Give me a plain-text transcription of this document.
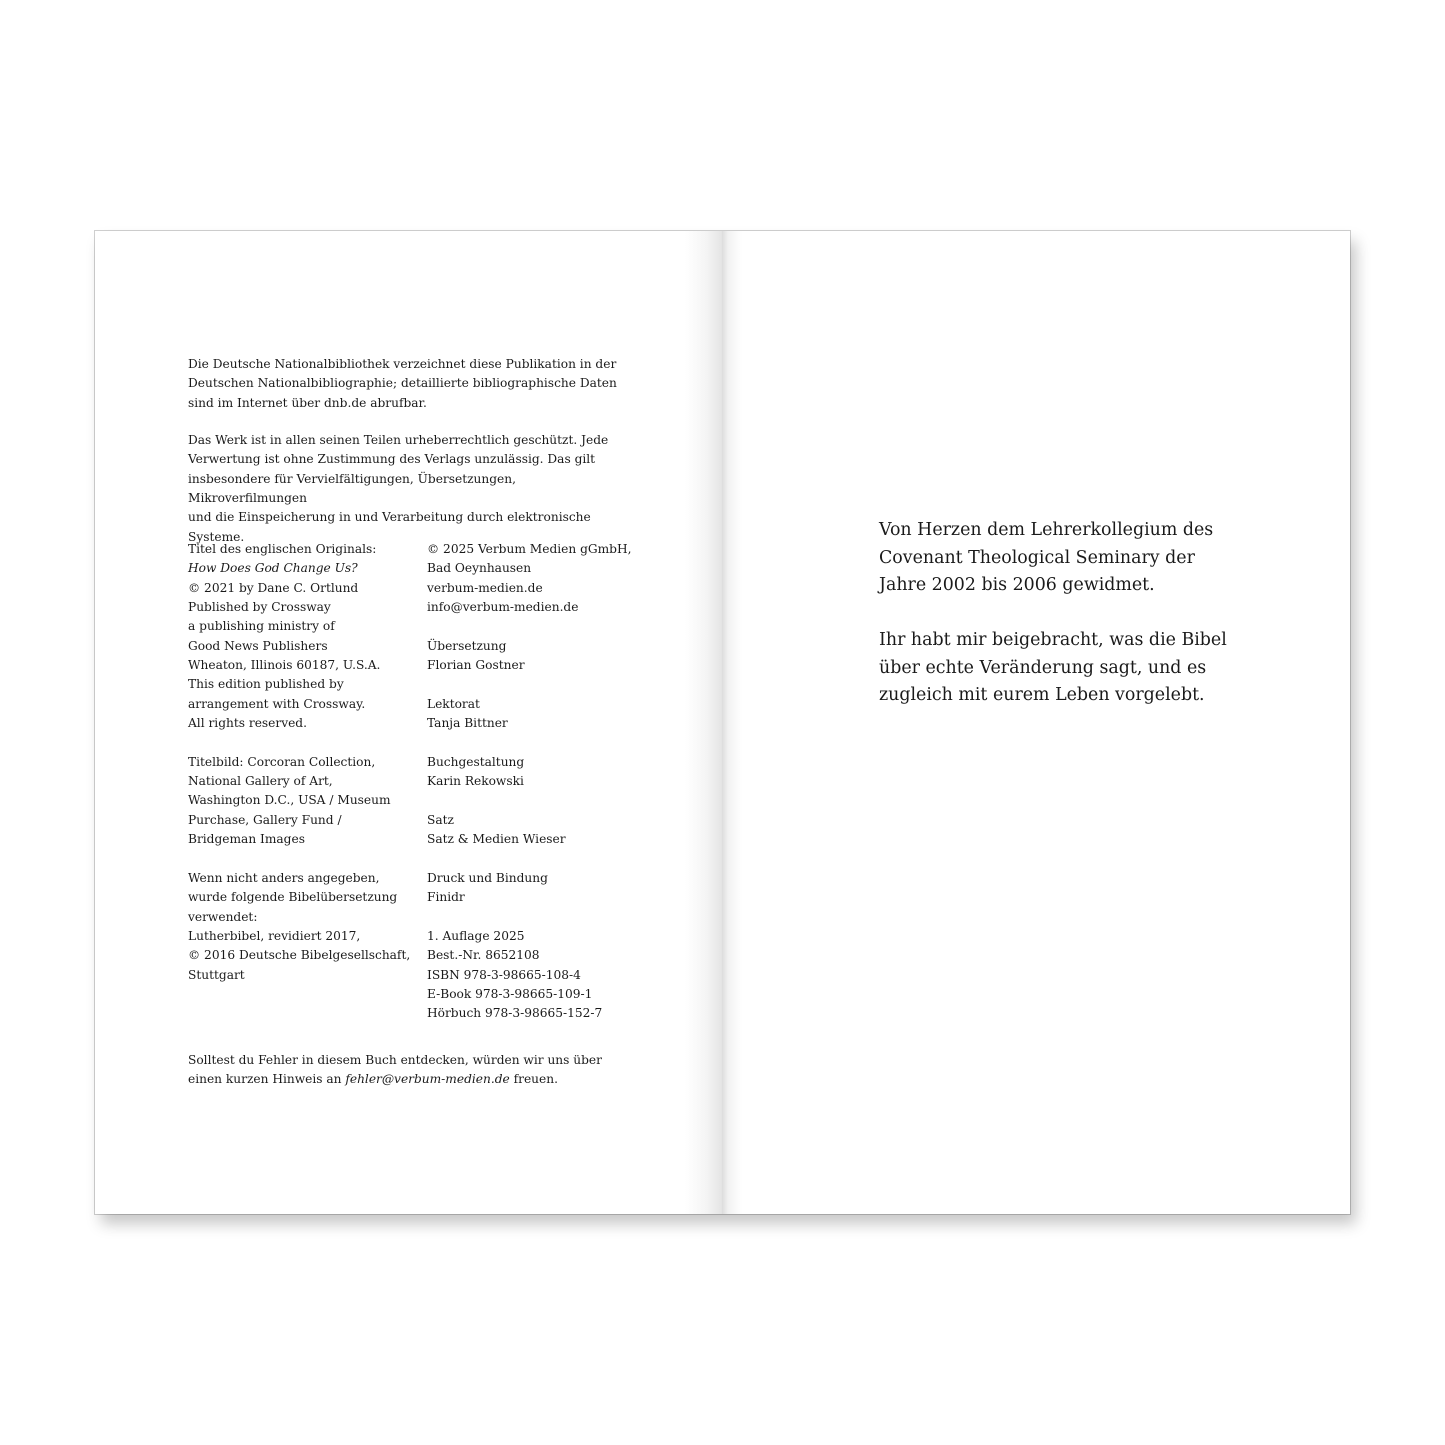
Die Deutsche Nationalbibliothek verzeichnet diese Publikation in der

Deutschen Nationalbibliographie; detaillierte bibliographische Daten

sind im Internet über dnb.de abrufbar.

Das Werk ist in allen seinen Teilen urheberrechtlich geschützt. Jede

Verwertung ist ohne Zustimmung des Verlags unzulässig. Das gilt

insbesondere für Vervielfältigungen, Übersetzungen, Mikroverfilmungen

und die Einspeicherung in und Verarbeitung durch elektronische Systeme.

Titel des englischen Originals:

How Does God Change Us?

© 2021 by Dane C. Ortlund

Published by Crossway

a publishing ministry of

Good News Publishers

Wheaton, Illinois 60187, U.S.A.

This edition published by

arrangement with Crossway.

All rights reserved.

Titelbild: Corcoran Collection,

National Gallery of Art,

Washington D.C., USA / Museum

Purchase, Gallery Fund /

Bridgeman Images

Wenn nicht anders angegeben,

wurde folgende Bibelübersetzung

verwendet:

Lutherbibel, revidiert 2017,

© 2016 Deutsche Bibelgesellschaft,

Stuttgart

© 2025 Verbum Medien gGmbH,

Bad Oeynhausen

verbum-medien.de

info@verbum-medien.de

Übersetzung

Florian Gostner

Lektorat

Tanja Bittner

Buchgestaltung

Karin Rekowski

Satz

Satz & Medien Wieser

Druck und Bindung

Finidr

1. Auflage 2025

Best.-Nr. 8652108

ISBN 978-3-98665-108-4

E-Book 978-3-98665-109-1

Hörbuch 978-3-98665-152-7

Solltest du Fehler in diesem Buch entdecken, würden wir uns über

einen kurzen Hinweis an fehler@verbum-medien.de freuen.

Von Herzen dem Lehrerkollegium des

Covenant Theological Seminary der

Jahre 2002 bis 2006 gewidmet.

Ihr habt mir beigebracht, was die Bibel

über echte Veränderung sagt, und es

zugleich mit eurem Leben vorgelebt.
